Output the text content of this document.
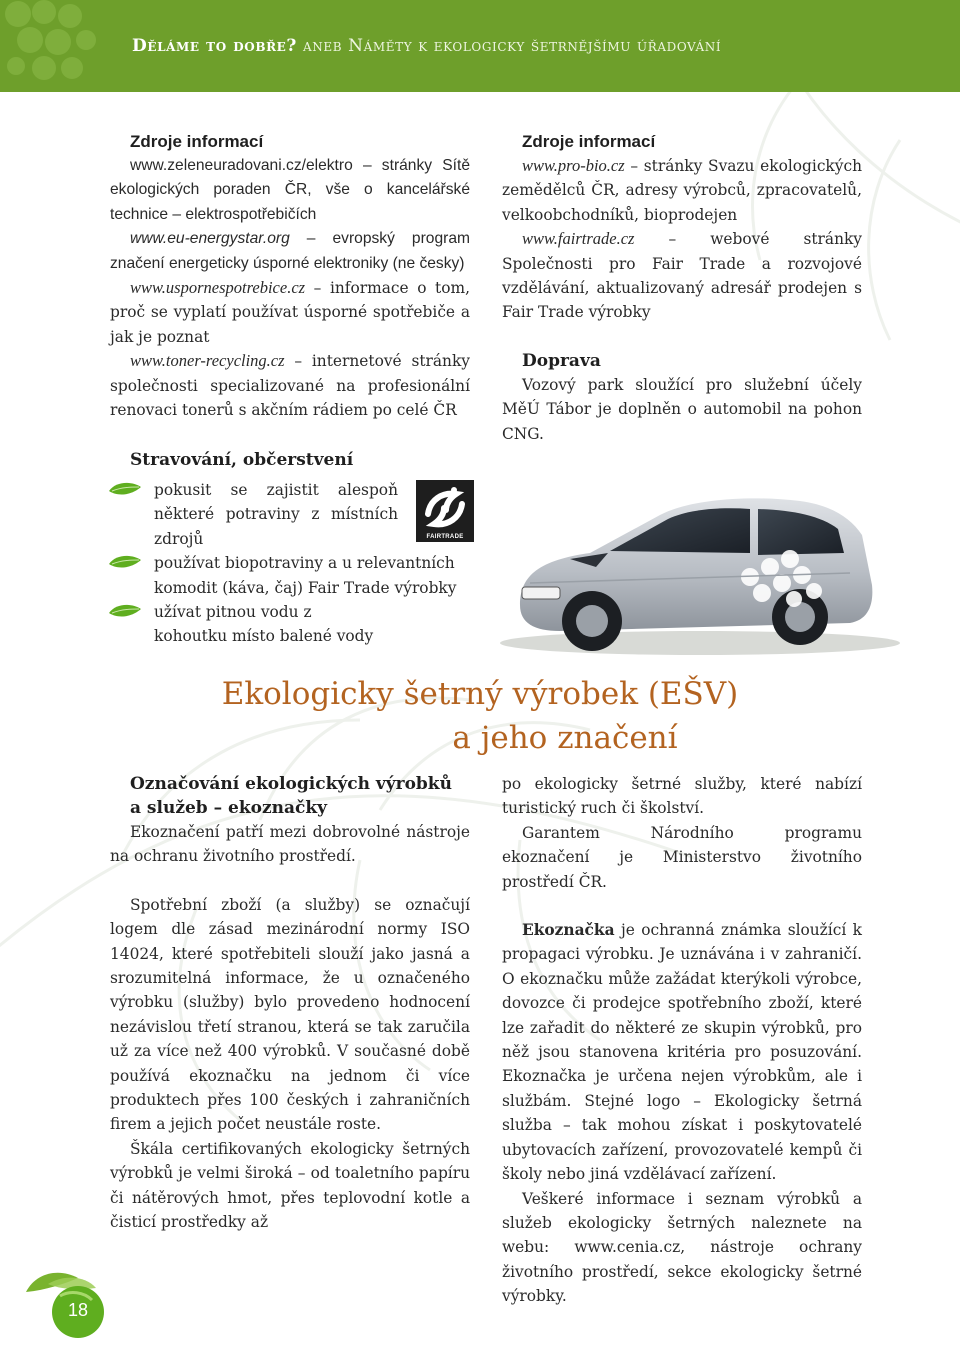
Děláme to dobře? aneb Náměty k ekologicky šetrnějšímu úřadování
Zdroje informací

www.zeleneuradovani.cz/elektro – stránky Sítě ekologických poraden ČR, vše o kancelářské technice – elektrospotřebičích

www.eu-energystar.org – evropský program značení energeticky úsporné elektroniky (ne česky)

www.uspornespotrebice.cz – informace o tom, proč se vyplatí používat úsporné spotřebiče a jak je poznat

www.toner-recycling.cz – internetové stránky společnosti specializované na profesionální renovaci tonerů s akčním rádiem po celé ČR

Stravování, občerstvení
pokusit se zajistit alespoň některé potraviny z místních zdrojů
používat biopotraviny a u relevantních komodit (káva, čaj) Fair Trade výrobky
užívat pitnou vodu z kohoutku místo balené vody
FAIRTRADE
Zdroje informací

www.pro-bio.cz – stránky Svazu ekologických zemědělců ČR, adresy výrobců, zpracovatelů, velkoobchodníků, bioprodejen

www.fairtrade.cz – webové stránky Společnosti pro Fair Trade a rozvojové vzdělávání, aktualizovaný adresář prodejen s Fair Trade výrobky

Doprava

Vozový park sloužící pro služební účely MěÚ Tábor je doplněn o automobil na pohon CNG.

Ekologicky šetrný výrobek (EŠV)
a jeho značení
Označování ekologických výrobků
a služeb – ekoznačky

Ekoznačení patří mezi dobrovolné nástroje na ochranu životního prostředí.

Spotřební zboží (a služby) se označují logem dle zásad mezinárodní normy ISO 14024, které spotřebiteli slouží jako jasná a srozumitelná informace, že u označeného výrobku (služby) bylo provedeno hodnocení nezávislou třetí stranou, která se tak zaručila už za více než 400 výrobků. V současné době používá ekoznačku na jednom či více produktech přes 100 českých i zahraničních firem a jejich počet neustále roste.

Škála certifikovaných ekologicky šetrných výrobků je velmi široká – od toaletního papíru či nátěrových hmot, přes teplovodní kotle a čisticí prostředky až

po ekologicky šetrné služby, které nabízí turistický ruch či školství.

Garantem Národního programu ekoznačení je Ministerstvo životního prostředí ČR.

Ekoznačka je ochranná známka sloužící k propagaci výrobku. Je uznávána i v zahraničí. O ekoznačku může zažádat kterýkoli výrobce, dovozce či prodejce spotřebního zboží, které lze zařadit do některé ze skupin výrobků, pro něž jsou stanovena kritéria pro posuzování. Ekoznačka je určena nejen výrobkům, ale i službám. Stejné logo – Ekologicky šetrná služba – tak mohou získat i poskytovatelé ubytovacích zařízení, provozovatelé kempů či školy nebo jiná vzdělávací zařízení.

Veškeré informace i seznam výrobků a služeb ekologicky šetrných naleznete na webu: www.cenia.cz, nástroje ochrany životního prostředí, sekce ekologicky šetrné výrobky.

18
